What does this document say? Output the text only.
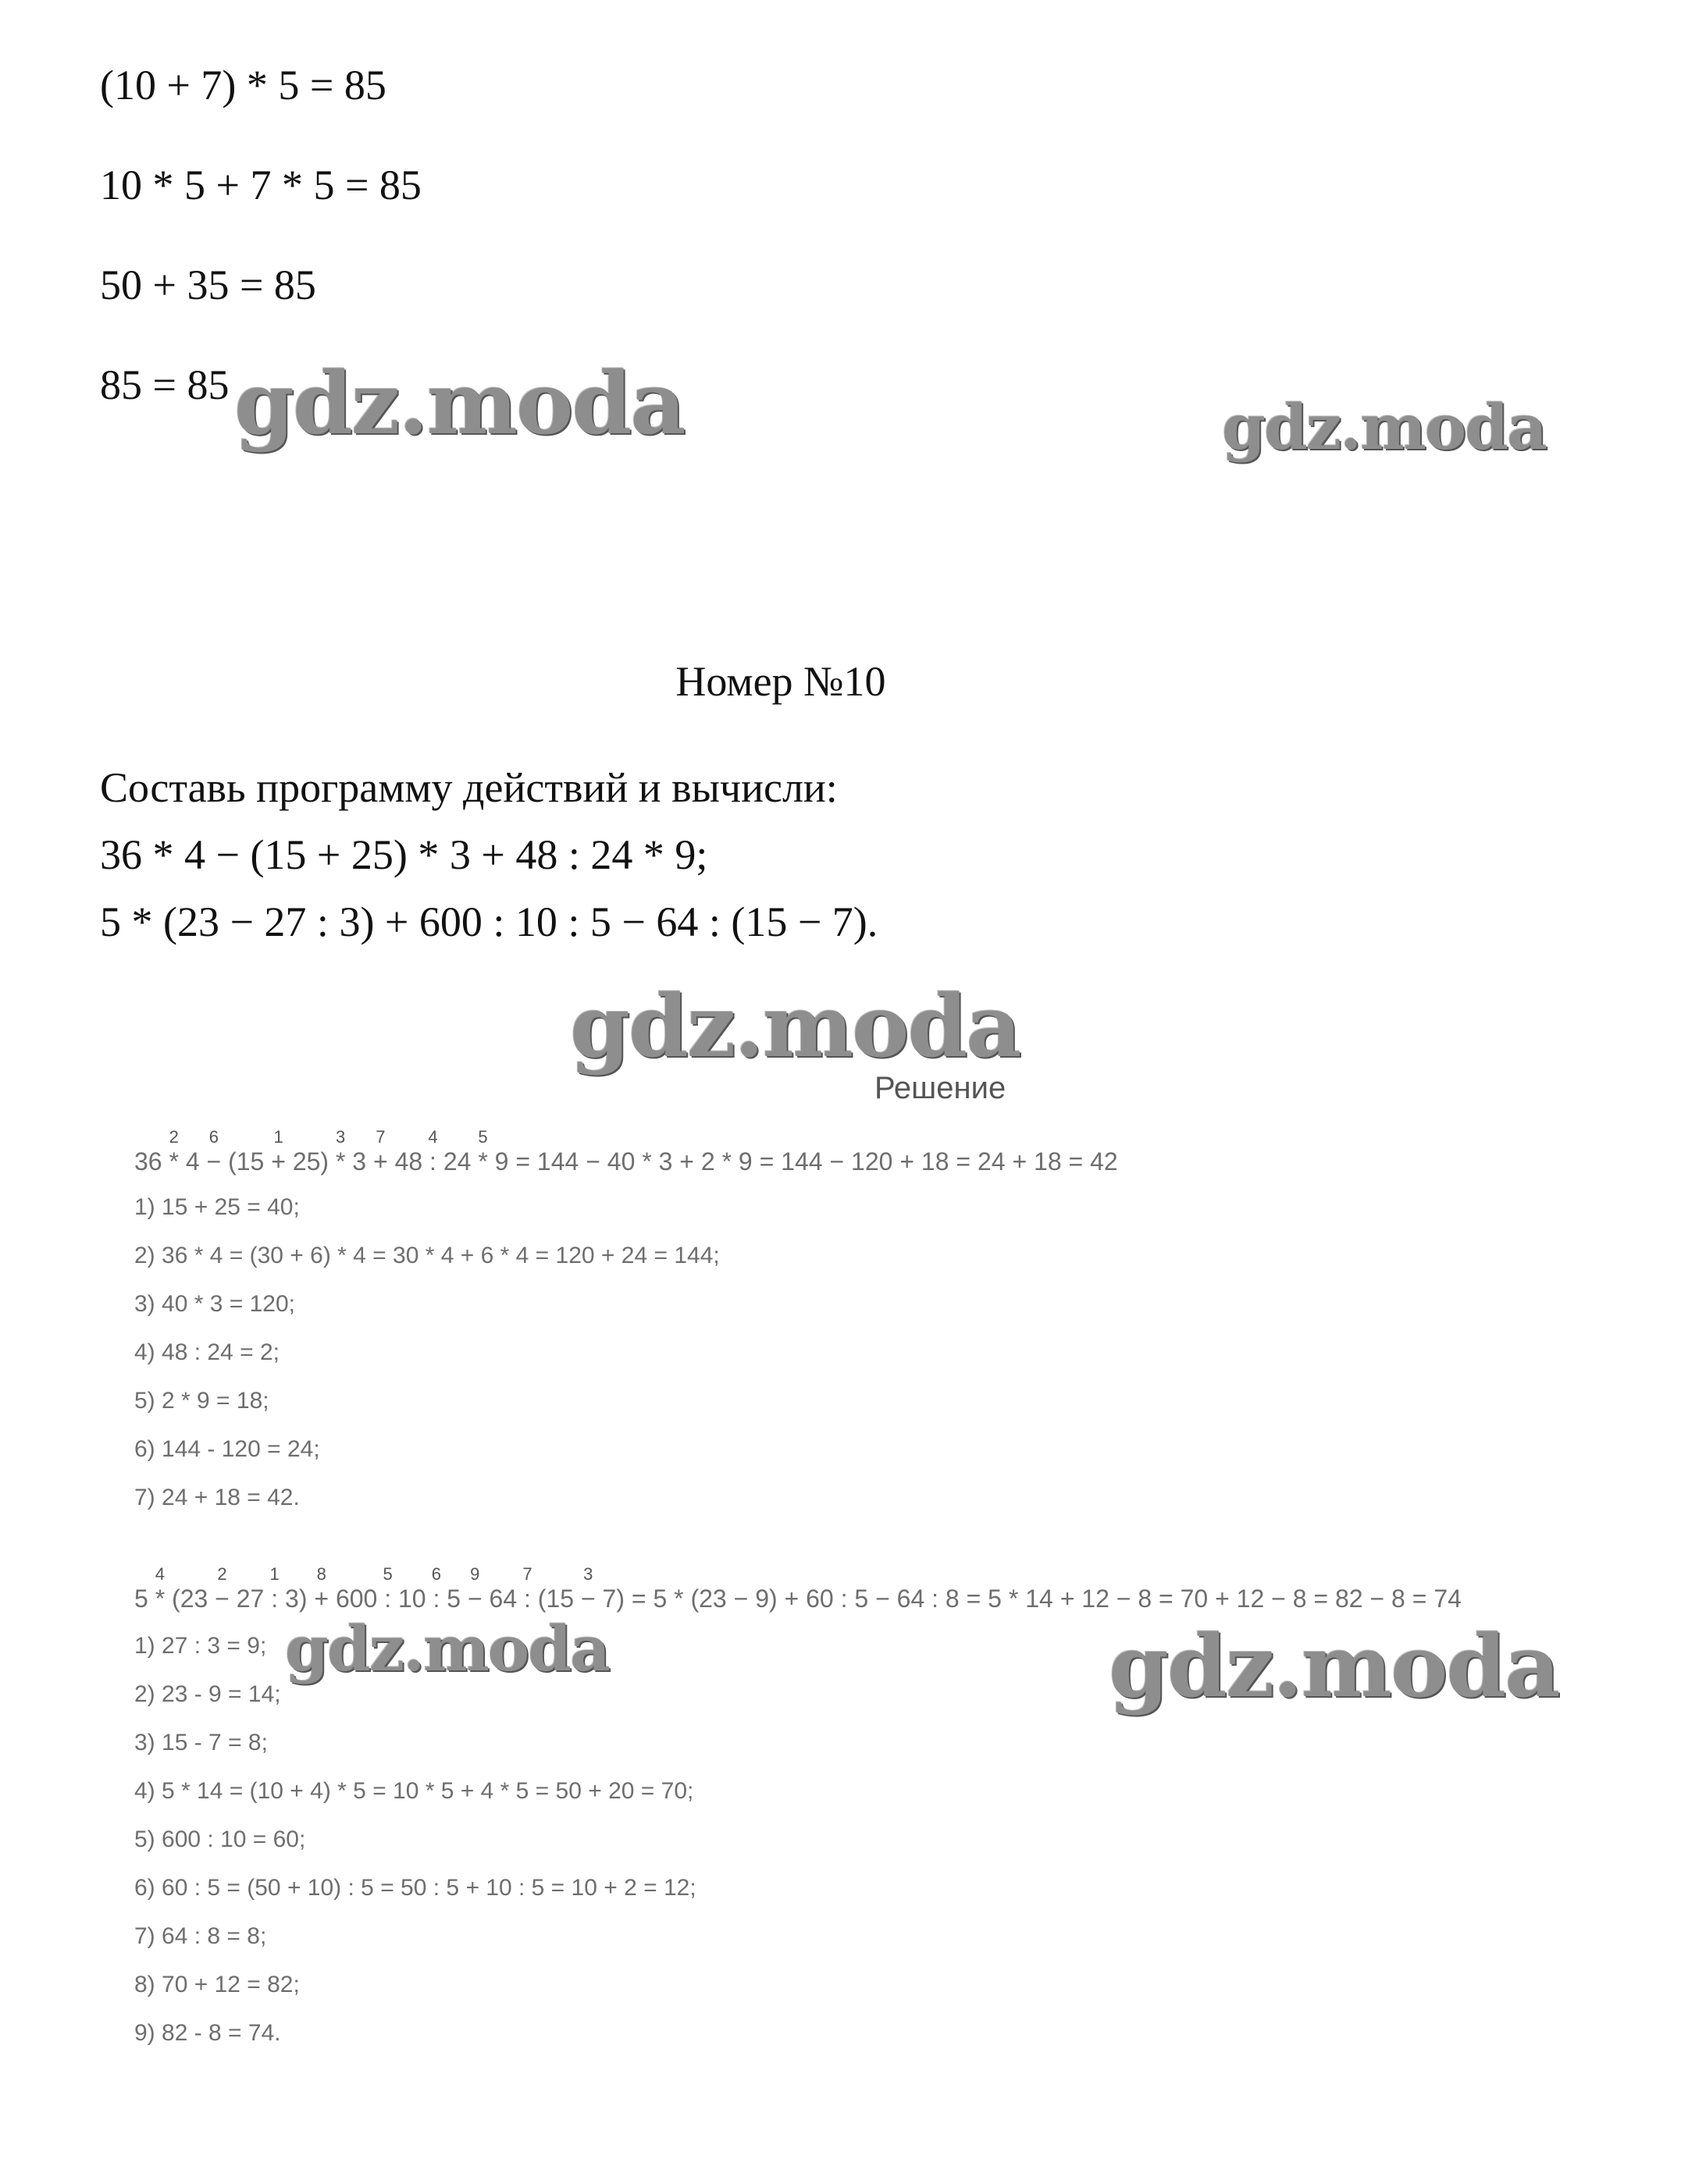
(10 + 7) * 5 = 85
10 * 5 + 7 * 5 = 85
50 + 35 = 85
85 = 85 gdz.moda	gdz.moda
Номер №10
Составь программу действий и вычисли:
36 * 4 − (15 + 25) * 3 + 48 : 24 * 9;
5 * (23 − 27 : 3) + 600 : 10 : 5 − 64 : (15 − 7).
gdz.moda
Решение
36 *
2
4 −
6
(15 +
1
25) *
3
3 +
7
48 :
4
24 *
5
9 = 144 − 40 * 3 + 2 * 9 = 144 − 120 + 18 = 24 + 18 = 42
1) 15 + 25 = 40;
2) 36 * 4 = (30 + 6) * 4 = 30 * 4 + 6 * 4 = 120 + 24 = 144;
3) 40 * 3 = 120;
4) 48 : 24 = 2;
5) 2 * 9 = 18;
6) 144 - 120 = 24;
7) 24 + 18 = 42.
5 *
4
(23 −
2
27 :
1
3) +
8
600 :
5
10 :
6
5 −
9
64 :
7
(15 −
3
7) = 5 * (23 − 9) + 60 : 5 − 64 : 8 = 5 * 14 + 12 − 8 = 70 + 12 − 8 = 82 − 8 = 74
1) 27 : 3 = 9;
2) 23 - 9 = 14;
3) 15 - 7 = 8;
4) 5 * 14 = (10 + 4) * 5 = 10 * 5 + 4 * 5 = 50 + 20 = 70;
5) 600 : 10 = 60;
6) 60 : 5 = (50 + 10) : 5 = 50 : 5 + 10 : 5 = 10 + 2 = 12;
7) 64 : 8 = 8;
8) 70 + 12 = 82;
9) 82 - 8 = 74.
gdz.moda	gdz.moda
